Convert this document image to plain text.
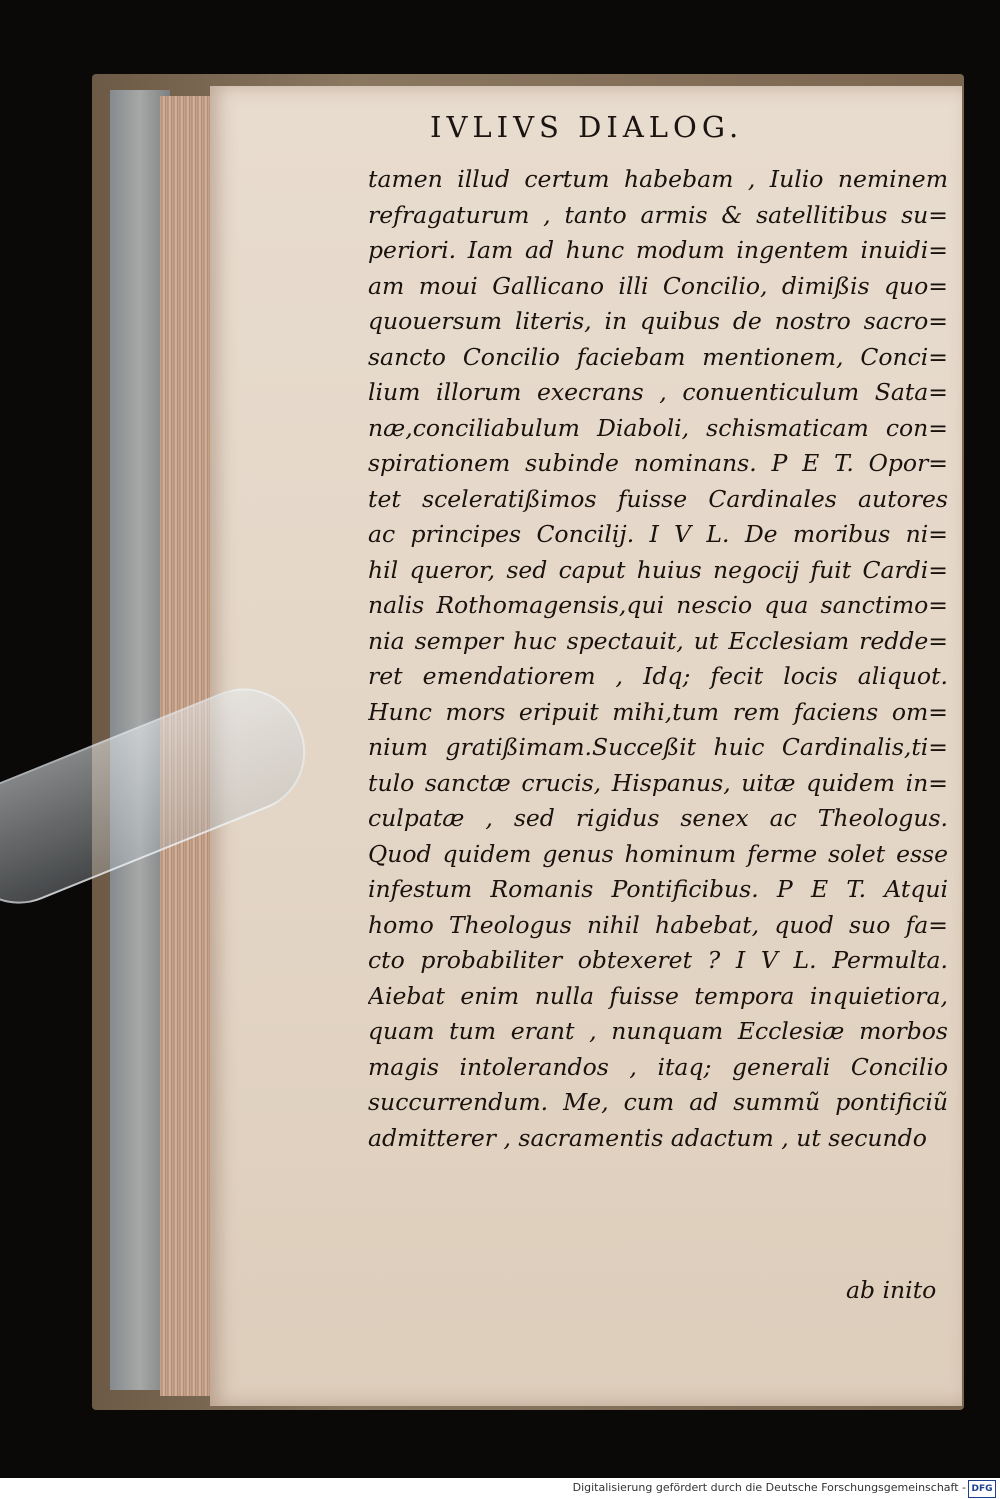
IVLIVS DIALOG.
tamen illud certum habebam , Iulio neminem
refragaturum , tanto armis & satellitibus su=
periori. Iam ad hunc modum ingentem inuidi=
am moui Gallicano illi Concilio, dimißis quo=
quouersum literis, in quibus de nostro sacro=
sancto Concilio faciebam mentionem, Conci=
lium illorum execrans , conuenticulum Sata=
næ,conciliabulum Diaboli, schismaticam con=
spirationem subinde nominans. P E T. Opor=
tet sceleratißimos fuisse Cardinales autores
ac principes Concilij. I V L. De moribus ni=
hil queror, sed caput huius negocij fuit Cardi=
nalis Rothomagensis,qui nescio qua sanctimo=
nia semper huc spectauit, ut Ecclesiam redde=
ret emendatiorem , Idq; fecit locis aliquot.
Hunc mors eripuit mihi,tum rem faciens om=
nium gratißimam.Succeßit huic Cardinalis,ti=
tulo sanctæ crucis, Hispanus, uitæ quidem in=
culpatæ , sed rigidus senex ac Theologus.
Quod quidem genus hominum ferme solet esse
infestum Romanis Pontificibus. P E T. Atqui
homo Theologus nihil habebat, quod suo fa=
cto probabiliter obtexeret ? I V L. Permulta.
Aiebat enim nulla fuisse tempora inquietiora,
quam tum erant , nunquam Ecclesiæ morbos
magis intolerandos , itaq; generali Concilio
succurrendum. Me, cum ad summũ pontificiũ
admitterer , sacramentis adactum , ut secundo
ab inito
Digitalisierung gefördert durch die Deutsche Forschungsgemeinschaft - DFG
